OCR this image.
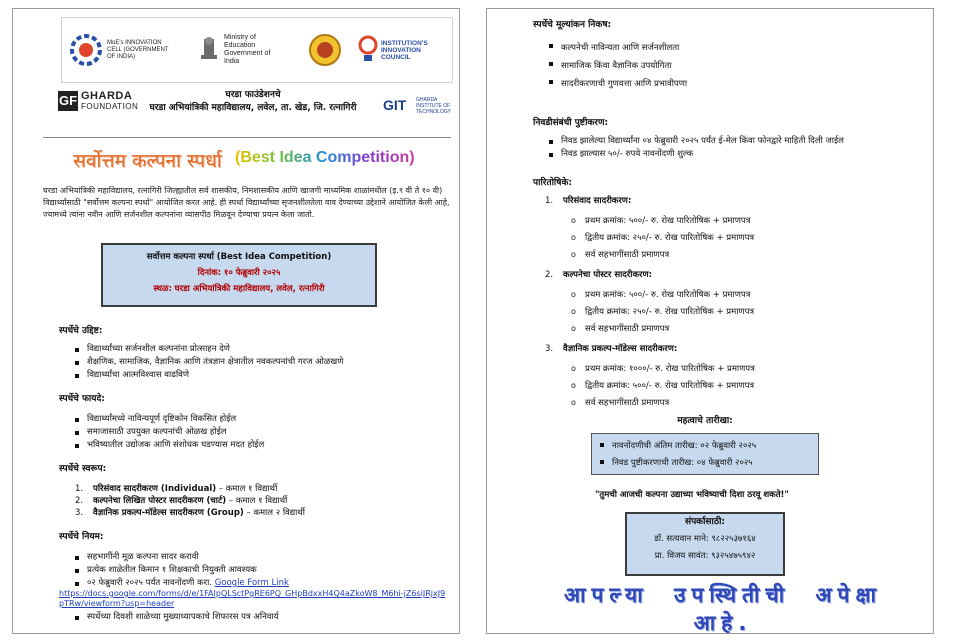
MoE's INNOVATION CELL (GOVERNMENT OF INDIA)
Ministry of Education Government of India
INSTITUTION'S INNOVATION COUNCIL
GF GHARDA
FOUNDATION
घरडा फाउंडेशनचे
घरडा अभियांत्रिकी महाविद्यालय, लवेल, ता. खेड, जि. रत्नागिरी	GIT GHARDA INSTITUTE OF TECHNOLOGY
सर्वोत्तम कल्पना स्पर्धा (Best Idea Competition)
घरडा अभियांत्रिकी महाविद्यालय, रत्नागिरी जिल्ह्यातील सर्व शासकीय, निमशासकीय आणि खाजगी माध्यमिक शाळांमधील (इ.९ वी ते १० वी) विद्यार्थ्यांसाठी "सर्वोत्तम कल्पना स्पर्धा" आयोजित करत आहे. ही स्पर्धा विद्यार्थ्यांच्या सृजनशीलतेला वाव देण्याच्या उद्देशाने आयोजित केली आहे, ज्यामध्ये त्यांना नवीन आणि सर्जनशील कल्पनांना व्यासपीठ मिळवून देण्याचा प्रयत्न केला जातो.
सर्वोत्तम कल्पना स्पर्धा (Best Idea Competition)
दिनांक: १० फेब्रुवारी २०२५
स्थळ: घरडा अभियांत्रिकी महाविद्यालय, लवेल, रत्नागिरी
स्पर्धेचे उद्दिष्ट:
विद्यार्थ्यांच्या सर्जनशील कल्पनांना प्रोत्साहन देणे
शैक्षणिक, सामाजिक, वैज्ञानिक आणि तंत्रज्ञान क्षेत्रातील नवकल्पनांची गरज ओळखणे
विद्यार्थ्यांचा आत्मविश्वास वाढविणे
स्पर्धेचे फायदे:
विद्यार्थ्यांमध्ये नाविन्यपूर्ण दृष्टिकोन विकसित होईल
समाजासाठी उपयुक्त कल्पनांची ओळख होईल
भविष्यातील उद्योजक आणि संशोधक घडण्यास मदत होईल
स्पर्धेचे स्वरूप:
1. परिसंवाद सादरीकरण (Individual) – कमाल १ विद्यार्थी
2. कल्पनेचा लिखित पोस्टर सादरीकरण (चार्ट) – कमाल १ विद्यार्थी
3. वैज्ञानिक प्रकल्प-मॉडेल्स सादरीकरण (Group) – कमाल २ विद्यार्थी
स्पर्धेचे नियम:
सहभागींनी मूळ कल्पना सादर करावी
प्रत्येक शाळेतील किमान १ शिक्षकाची नियुक्ती आवश्यक
०२ फेब्रुवारी २०२५ पर्यंत नावनोंदणी करा. Google Form Link
https://docs.google.com/forms/d/e/1FAIpQLSctPgRE6PQ_GHpBdxxH4Q4aZkoW8_M6hi-jZ6siJRjxJ9pTRw/viewform?usp=header
स्पर्धेच्या दिवशी शाळेच्या मुख्याध्यापकाचे शिफारस पत्र अनिवार्य
स्पर्धेचे मूल्यांकन निकष:
कल्पनेची नाविन्यता आणि सर्जनशीलता
सामाजिक किंवा वैज्ञानिक उपयोगिता
सादरीकरणाची गुणवत्ता आणि प्रभावीपणा
निवडीसंबंधी पुष्टीकरण:
निवड झालेल्या विद्यार्थ्यांना ०४ फेब्रुवारी २०२५ पर्यंत ई-मेल किंवा फोनद्वारे माहिती दिली जाईल
निवड झाल्यास ५०/- रुपये नावनोंदणी शुल्क
पारितोषिके:
1. परिसंवाद सादरीकरण:
o प्रथम क्रमांक: ५००/- रु. रोख पारितोषिक + प्रमाणपत्र
o द्वितीय क्रमांक: २५०/- रु. रोख पारितोषिक + प्रमाणपत्र
o सर्व सहभागींसाठी प्रमाणपत्र
2. कल्पनेचा पोस्टर सादरीकरण:
o प्रथम क्रमांक: ५००/- रु. रोख पारितोषिक + प्रमाणपत्र
o द्वितीय क्रमांक: २५०/- रु. रोख पारितोषिक + प्रमाणपत्र
o सर्व सहभागींसाठी प्रमाणपत्र
3. वैज्ञानिक प्रकल्प-मॉडेल्स सादरीकरण:
o प्रथम क्रमांक: १०००/- रु. रोख पारितोषिक + प्रमाणपत्र
o द्वितीय क्रमांक: ५००/- रु. रोख पारितोषिक + प्रमाणपत्र
o सर्व सहभागींसाठी प्रमाणपत्र
महत्वाचे तारीखा:
नावनोंदणीची अंतिम तारीख: ०२ फेब्रुवारी २०२५
निवड पुष्टीकरणाची तारीख: ०४ फेब्रुवारी २०२५
"तुमची आजची कल्पना उद्याच्या भविष्याची दिशा ठरवू शकते!"
संपर्कासाठी:
डॉ. सत्यवान माने: ९८२२५३७१६४
प्रा. विजय सावंत: ९३२५४७५९४२
आपल्या उपस्थितीची अपेक्षा आहे.
